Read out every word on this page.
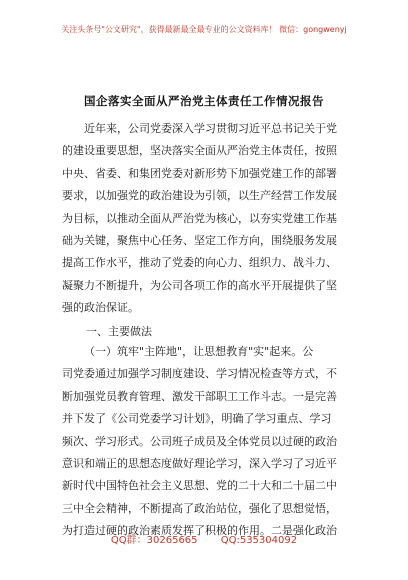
关注头条号"公文研究"，获得最新最全最专业的公文资料库！ 微信：gongwenyj
国企落实全面从严治党主体责任工作情况报告
近年来，公司党委深入学习贯彻习近平总书记关于党
的建设重要思想，坚决落实全面从严治党主体责任，按照
中央、省委、和集团党委对新形势下加强党建工作的部署
要求，以加强党的政治建设为引领，以生产经营工作发展
为目标，以推动全面从严治党为核心，以夯实党建工作基
础为关键，聚焦中心任务、坚定工作方向，围绕服务发展
提高工作水平，推动了党委的向心力、组织力、战斗力、
凝聚力不断提升，为公司各项工作的高水平开展提供了坚
强的政治保证。
一、主要做法
（一）筑牢"主阵地"，让思想教育"实"起来。公
司党委通过加强学习制度建设、学习情况检查等方式，不
断加强党员教育管理、激发干部职工工作斗志。一是完善
并下发了《公司党委学习计划》，明确了学习重点、学习
频次、学习形式。公司班子成员及全体党员以过硬的政治
意识和端正的思想态度做好理论学习，深入学习了习近平
新时代中国特色社会主义思想、党的二十大和二十届二中
三中全会精神，不断提高了政治站位，强化了思想觉悟，
为打造过硬的政治素质发挥了积极的作用。二是强化政治
QQ群：30265665 QQ:535304092
